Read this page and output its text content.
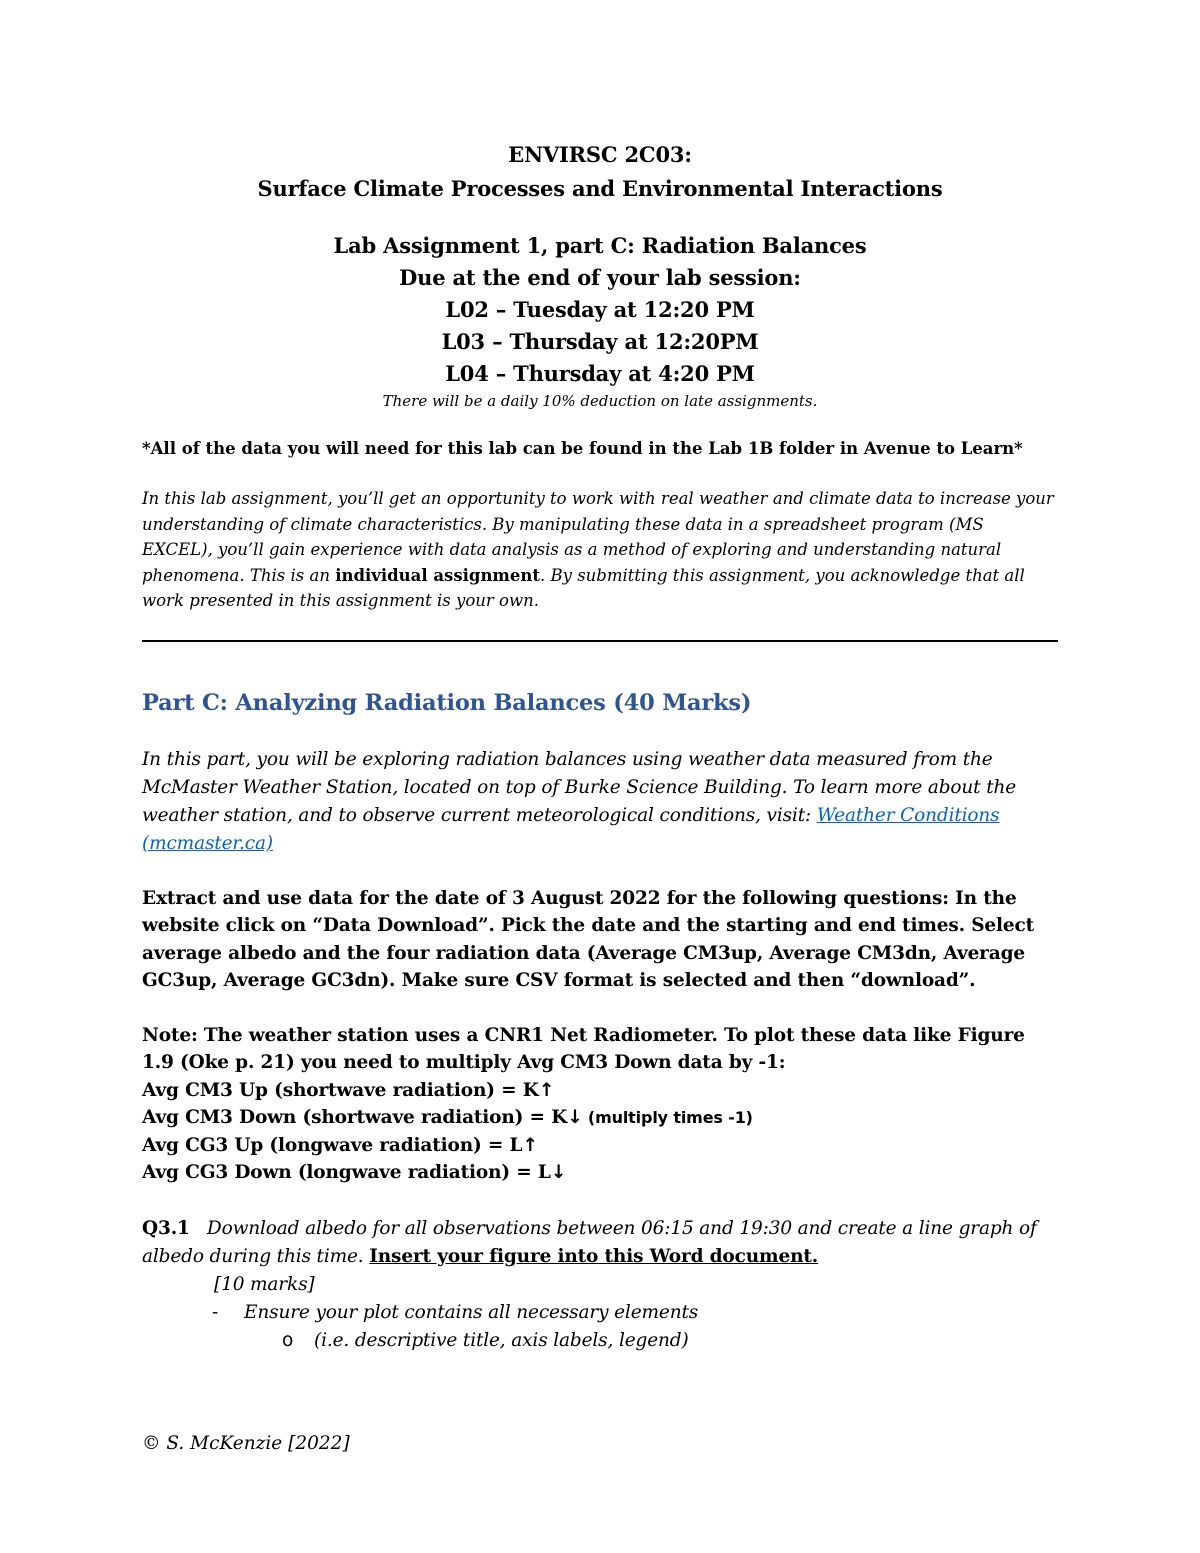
ENVIRSC 2C03:
Surface Climate Processes and Environmental Interactions
Lab Assignment 1, part C: Radiation Balances
Due at the end of your lab session:
L02 – Tuesday at 12:20 PM
L03 – Thursday at 12:20PM
L04 – Thursday at 4:20 PM
There will be a daily 10% deduction on late assignments.
*All of the data you will need for this lab can be found in the Lab 1B folder in Avenue to Learn*
In this lab assignment, you’ll get an opportunity to work with real weather and climate data to increase your understanding of climate characteristics. By manipulating these data in a spreadsheet program (MS EXCEL), you’ll gain experience with data analysis as a method of exploring and understanding natural phenomena. This is an individual assignment. By submitting this assignment, you acknowledge that all work presented in this assignment is your own.
Part C: Analyzing Radiation Balances (40 Marks)
In this part, you will be exploring radiation balances using weather data measured from the McMaster Weather Station, located on top of Burke Science Building. To learn more about the weather station, and to observe current meteorological conditions, visit: Weather Conditions (mcmaster.ca)
Extract and use data for the date of 3 August 2022 for the following questions: In the website click on “Data Download”. Pick the date and the starting and end times. Select average albedo and the four radiation data (Average CM3up, Average CM3dn, Average GC3up, Average GC3dn). Make sure CSV format is selected and then “download”.
Note: The weather station uses a CNR1 Net Radiometer. To plot these data like Figure 1.9 (Oke p. 21) you need to multiply Avg CM3 Down data by -1:
Avg CM3 Up (shortwave radiation) = K↑
Avg CM3 Down (shortwave radiation) = K↓ (multiply times -1)
Avg CG3 Up (longwave radiation) = L↑
Avg CG3 Down (longwave radiation) = L↓
Q3.1 Download albedo for all observations between 06:15 and 19:30 and create a line graph of albedo during this time. Insert your figure into this Word document.
[10 marks]
- Ensure your plot contains all necessary elements
o (i.e. descriptive title, axis labels, legend)
© S. McKenzie [2022]
